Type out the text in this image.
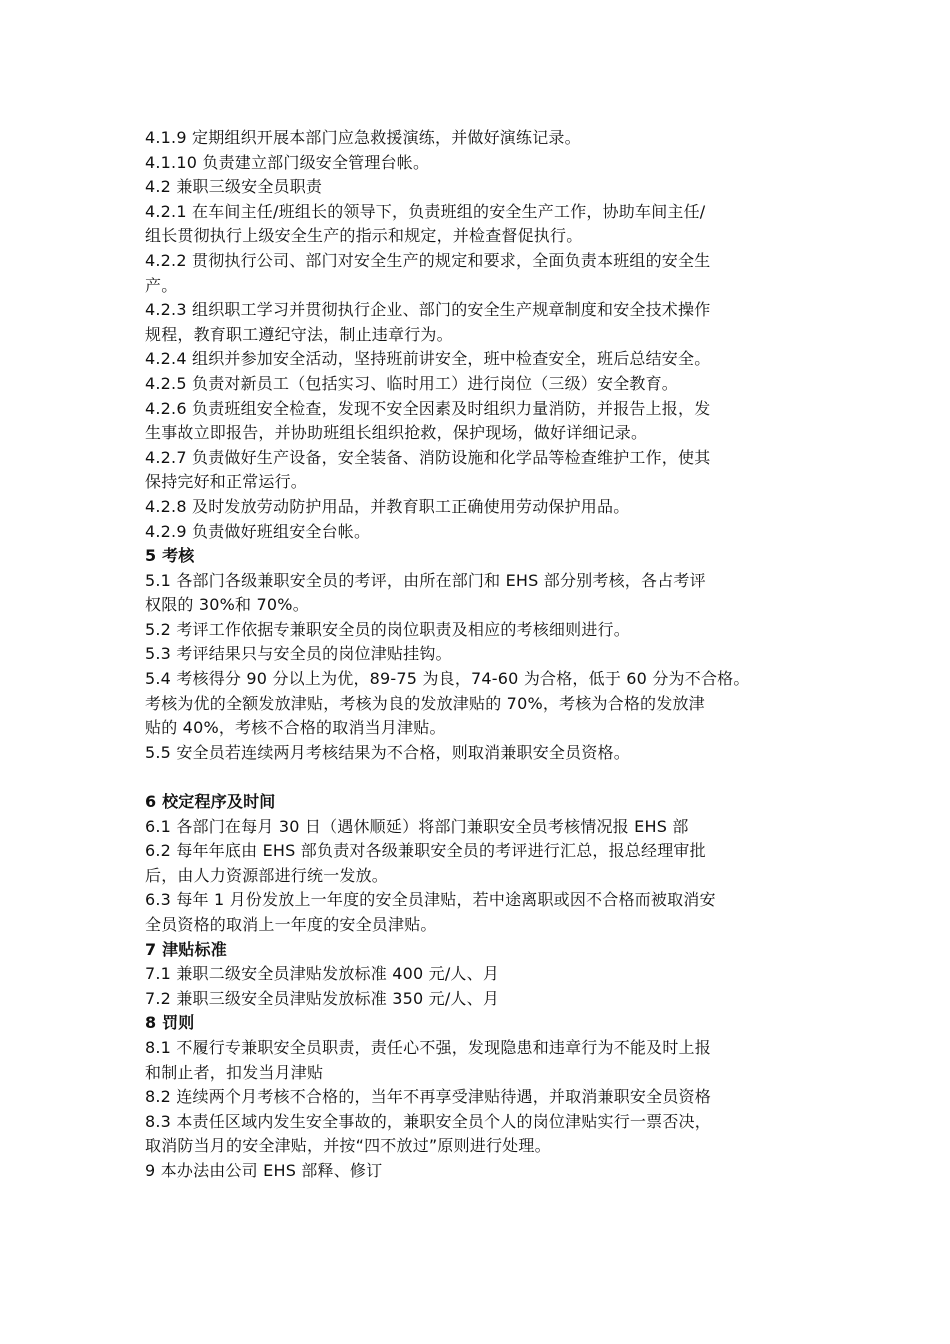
4.1.9 定期组织开展本部门应急救援演练，并做好演练记录。
4.1.10 负责建立部门级安全管理台帐。
4.2 兼职三级安全员职责
4.2.1 在车间主任/班组长的领导下，负责班组的安全生产工作，协助车间主任/
组长贯彻执行上级安全生产的指示和规定，并检查督促执行。
4.2.2 贯彻执行公司、部门对安全生产的规定和要求，全面负责本班组的安全生
产。
4.2.3 组织职工学习并贯彻执行企业、部门的安全生产规章制度和安全技术操作
规程，教育职工遵纪守法，制止违章行为。
4.2.4 组织并参加安全活动，坚持班前讲安全，班中检查安全，班后总结安全。
4.2.5 负责对新员工（包括实习、临时用工）进行岗位（三级）安全教育。
4.2.6 负责班组安全检查，发现不安全因素及时组织力量消防，并报告上报，发
生事故立即报告，并协助班组长组织抢救，保护现场，做好详细记录。
4.2.7 负责做好生产设备，安全装备、消防设施和化学品等检查维护工作，使其
保持完好和正常运行。
4.2.8 及时发放劳动防护用品，并教育职工正确使用劳动保护用品。
4.2.9 负责做好班组安全台帐。
5 考核
5.1 各部门各级兼职安全员的考评，由所在部门和 EHS 部分别考核，各占考评
权限的 30%和 70%。
5.2 考评工作依据专兼职安全员的岗位职责及相应的考核细则进行。
5.3 考评结果只与安全员的岗位津贴挂钩。
5.4 考核得分 90 分以上为优，89-75 为良，74-60 为合格，低于 60 分为不合格。
考核为优的全额发放津贴，考核为良的发放津贴的 70%，考核为合格的发放津
贴的 40%，考核不合格的取消当月津贴。
5.5 安全员若连续两月考核结果为不合格，则取消兼职安全员资格。
6 校定程序及时间
6.1 各部门在每月 30 日（遇休顺延）将部门兼职安全员考核情况报 EHS 部
6.2 每年年底由 EHS 部负责对各级兼职安全员的考评进行汇总，报总经理审批
后，由人力资源部进行统一发放。
6.3 每年 1 月份发放上一年度的安全员津贴，若中途离职或因不合格而被取消安
全员资格的取消上一年度的安全员津贴。
7 津贴标准
7.1 兼职二级安全员津贴发放标准 400 元/人、月
7.2 兼职三级安全员津贴发放标准 350 元/人、月
8 罚则
8.1 不履行专兼职安全员职责，责任心不强，发现隐患和违章行为不能及时上报
和制止者，扣发当月津贴
8.2 连续两个月考核不合格的，当年不再享受津贴待遇，并取消兼职安全员资格
8.3 本责任区域内发生安全事故的，兼职安全员个人的岗位津贴实行一票否决，
取消防当月的安全津贴，并按“四不放过”原则进行处理。
9 本办法由公司 EHS 部释、修订
